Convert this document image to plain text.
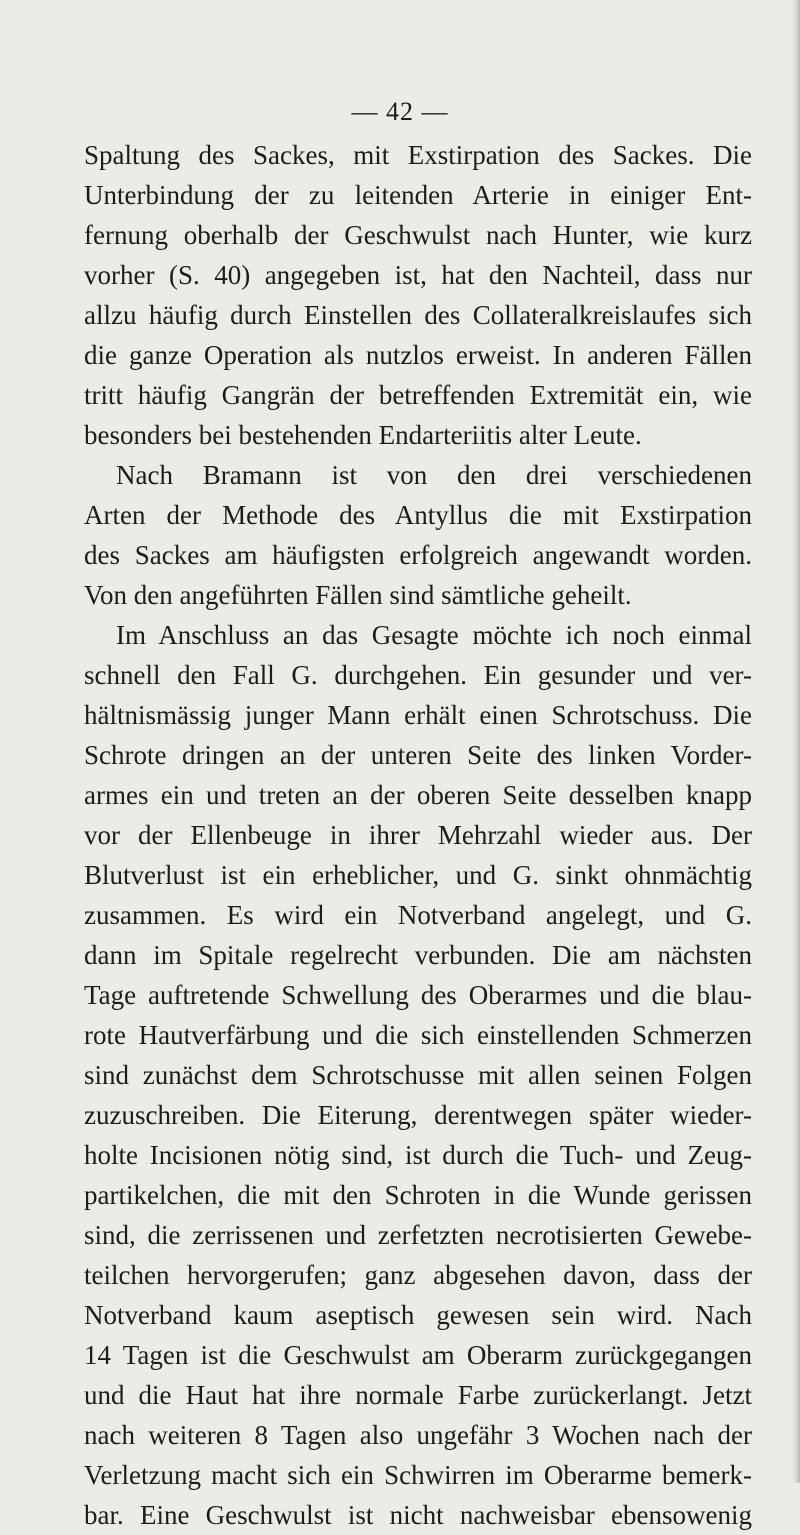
— 42 —
Spaltung des Sackes, mit Exstirpation des Sackes. Die
Unterbindung der zu leitenden Arterie in einiger Ent-
fernung oberhalb der Geschwulst nach Hunter, wie kurz
vorher (S. 40) angegeben ist, hat den Nachteil, dass nur
allzu häufig durch Einstellen des Collateralkreislaufes sich
die ganze Operation als nutzlos erweist. In anderen Fällen
tritt häufig Gangrän der betreffenden Extremität ein, wie
besonders bei bestehenden Endarteriitis alter Leute.
Nach Bramann ist von den drei verschiedenen
Arten der Methode des Antyllus die mit Exstirpation
des Sackes am häufigsten erfolgreich angewandt worden.
Von den angeführten Fällen sind sämtliche geheilt.
Im Anschluss an das Gesagte möchte ich noch einmal
schnell den Fall G. durchgehen. Ein gesunder und ver-
hältnismässig junger Mann erhält einen Schrotschuss. Die
Schrote dringen an der unteren Seite des linken Vorder-
armes ein und treten an der oberen Seite desselben knapp
vor der Ellenbeuge in ihrer Mehrzahl wieder aus. Der
Blutverlust ist ein erheblicher, und G. sinkt ohnmächtig
zusammen. Es wird ein Notverband angelegt, und G.
dann im Spitale regelrecht verbunden. Die am nächsten
Tage auftretende Schwellung des Oberarmes und die blau-
rote Hautverfärbung und die sich einstellenden Schmerzen
sind zunächst dem Schrotschusse mit allen seinen Folgen
zuzuschreiben. Die Eiterung, derentwegen später wieder-
holte Incisionen nötig sind, ist durch die Tuch- und Zeug-
partikelchen, die mit den Schroten in die Wunde gerissen
sind, die zerrissenen und zerfetzten necrotisierten Gewebe-
teilchen hervorgerufen; ganz abgesehen davon, dass der
Notverband kaum aseptisch gewesen sein wird. Nach
14 Tagen ist die Geschwulst am Oberarm zurückgegangen
und die Haut hat ihre normale Farbe zurückerlangt. Jetzt
nach weiteren 8 Tagen also ungefähr 3 Wochen nach der
Verletzung macht sich ein Schwirren im Oberarme bemerk-
bar. Eine Geschwulst ist nicht nachweisbar ebensowenig
